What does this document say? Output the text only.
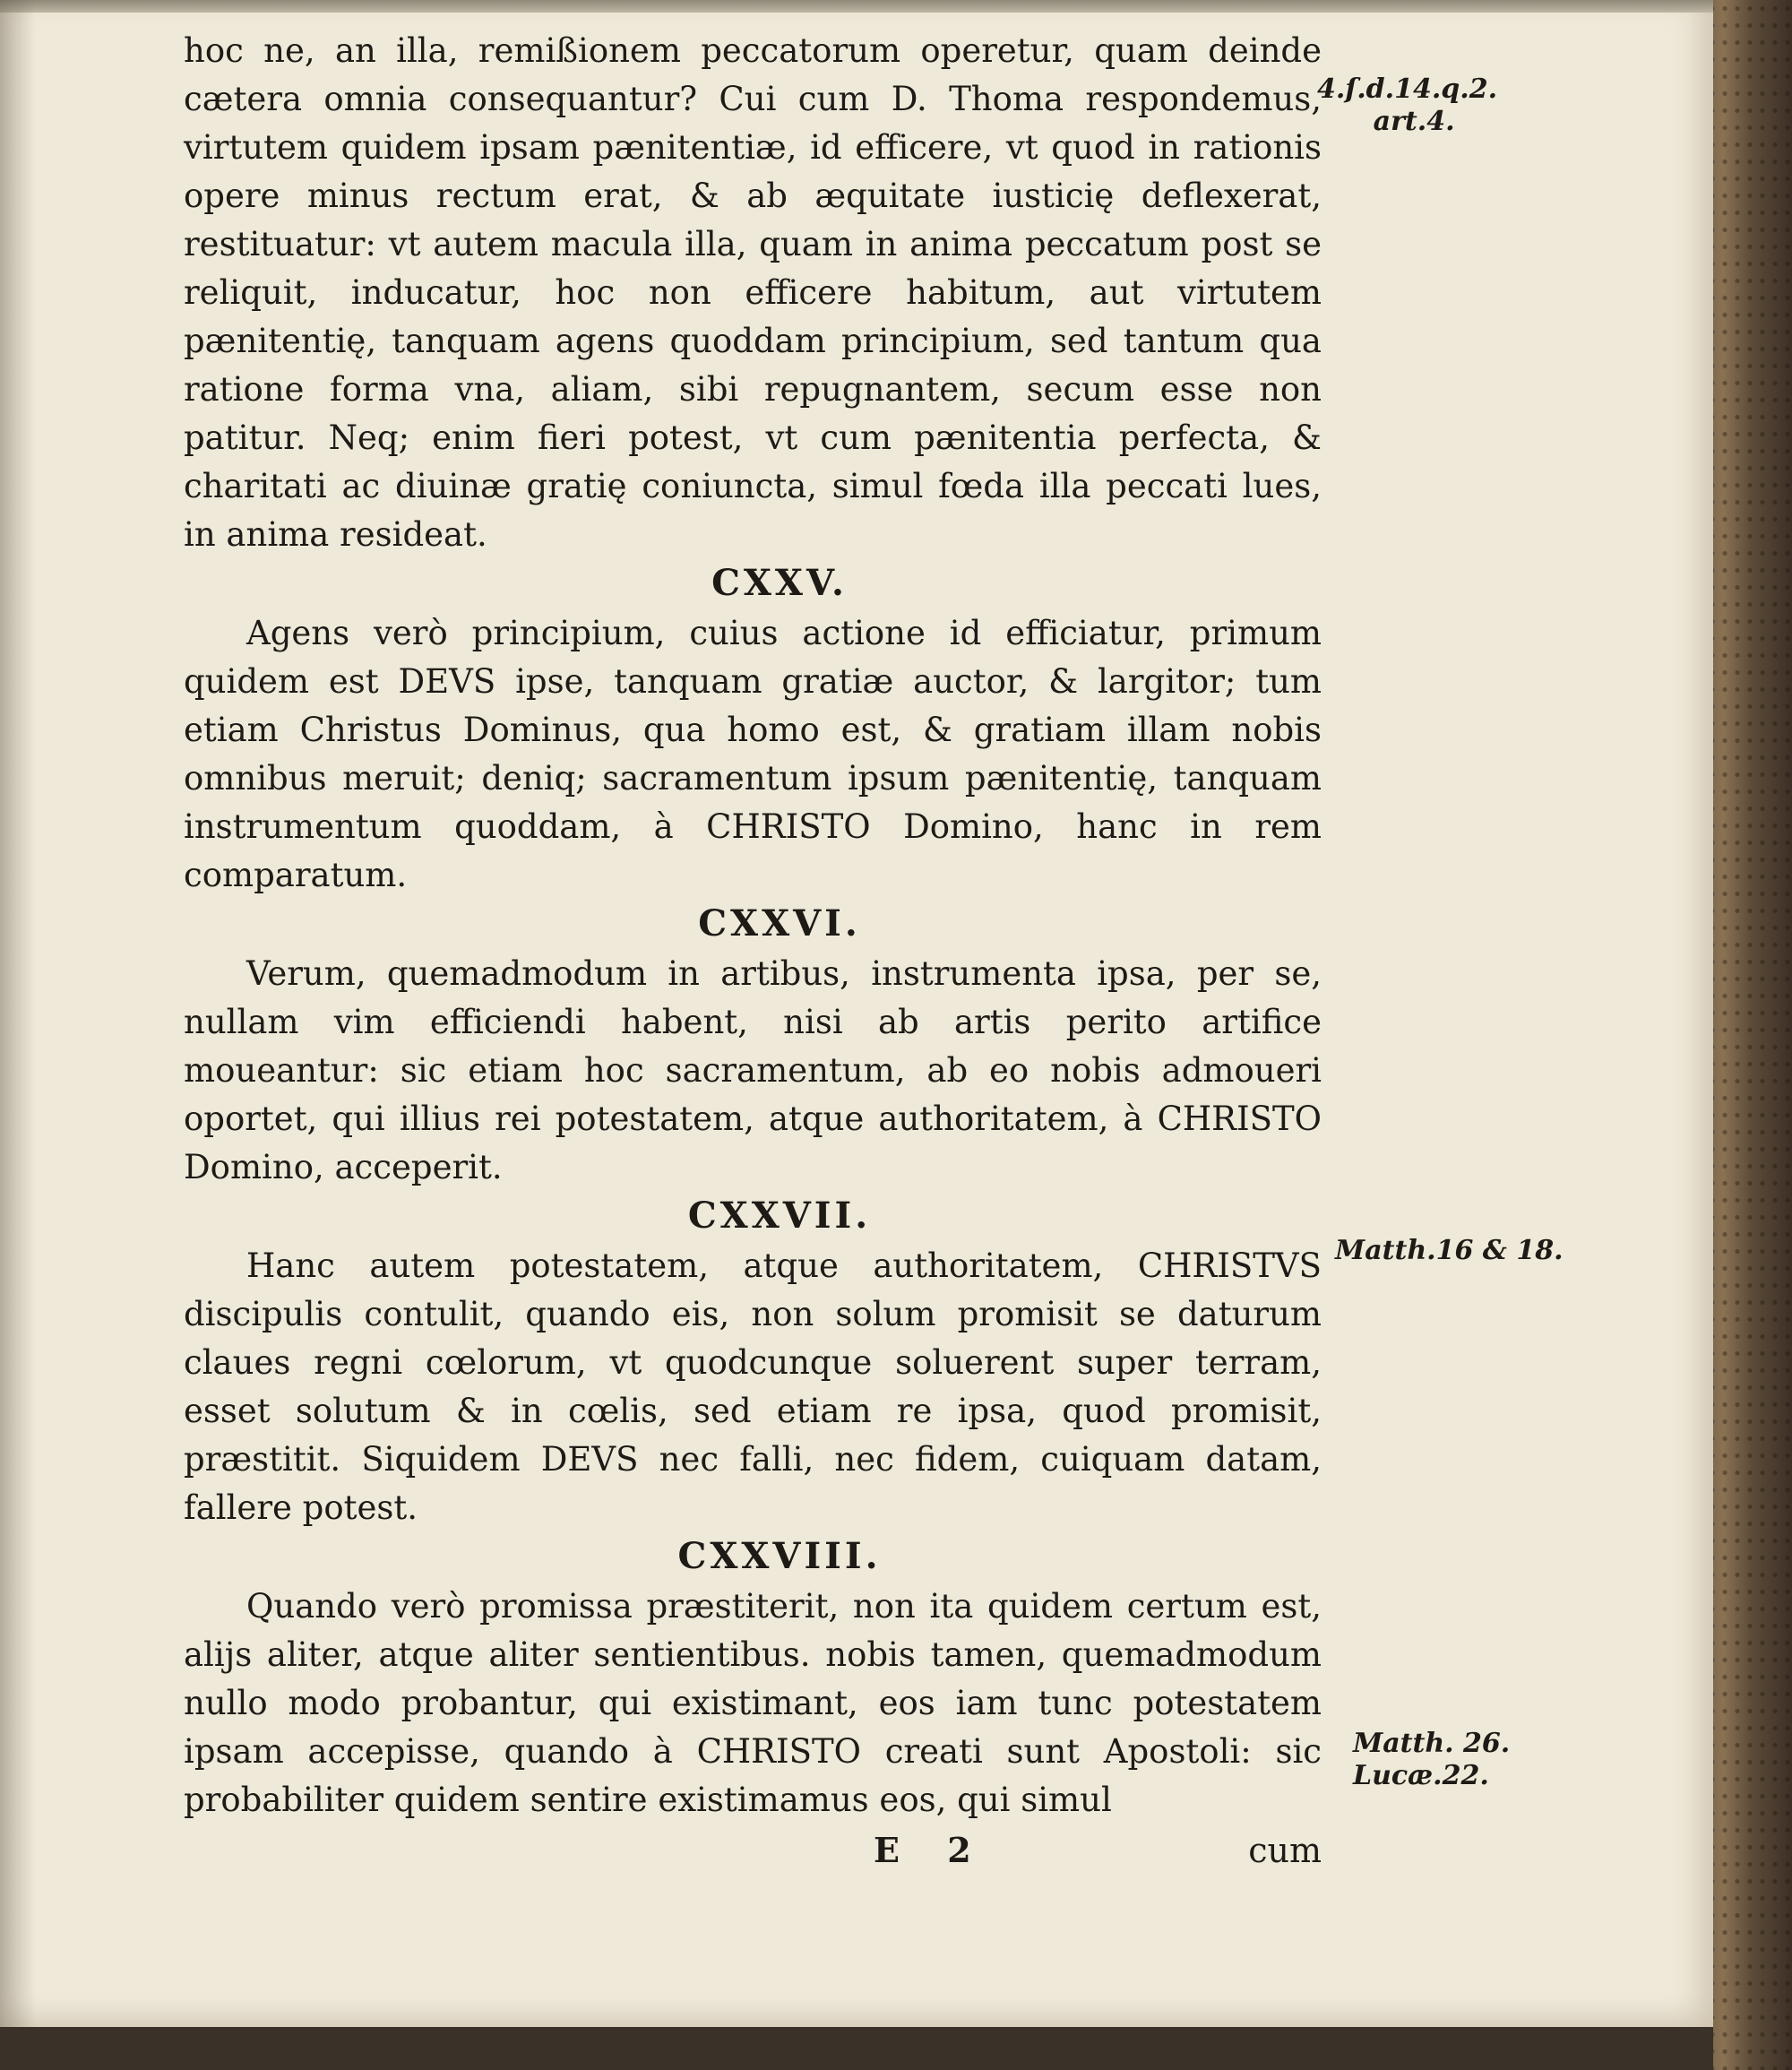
hoc ne, an illa, remißionem peccatorum operetur, quam deinde cætera omnia consequantur? Cui cum D. Thoma respondemus, virtutem quidem ipsam pænitentiæ, id efficere, vt quod in rationis opere minus rectum erat, & ab æquitate iusticię deflexerat, restituatur: vt autem macula illa, quam in anima peccatum post se reliquit, inducatur, hoc non efficere habitum, aut virtutem pænitentię, tanquam agens quoddam principium, sed tantum qua ratione forma vna, aliam, sibi repugnantem, secum esse non patitur. Neq; enim fieri potest, vt cum pænitentia perfecta, & charitati ac diuinæ gratię coniuncta, simul fœda illa peccati lues, in anima resideat.

CXXV.

Agens verò principium, cuius actione id efficiatur, primum quidem est DEVS ipse, tanquam gratiæ auctor, & largitor; tum etiam Christus Dominus, qua homo est, & gratiam illam nobis omnibus meruit; deniq; sacramentum ipsum pænitentię, tanquam instrumentum quoddam, à CHRISTO Domino, hanc in rem comparatum.

CXXVI.

Verum, quemadmodum in artibus, instrumenta ipsa, per se, nullam vim efficiendi habent, nisi ab artis perito artifice moueantur: sic etiam hoc sacramentum, ab eo nobis admoueri oportet, qui illius rei potestatem, atque authoritatem, à CHRISTO Domino, acceperit.

CXXVII.

Hanc autem potestatem, atque authoritatem, CHRISTVS discipulis contulit, quando eis, non solum promisit se daturum claues regni cœlorum, vt quodcunque soluerent super terram, esset solutum & in cœlis, sed etiam re ipsa, quod promisit, præstitit. Siquidem DEVS nec falli, nec fidem, cuiquam datam, fallere potest.

CXXVIII.

Quando verò promissa præstiterit, non ita quidem certum est, alijs aliter, atque aliter sentientibus. nobis tamen, quemadmodum nullo modo probantur, qui existimant, eos iam tunc potestatem ipsam accepisse, quando à CHRISTO creati sunt Apostoli: sic probabiliter quidem sentire existimamus eos, qui simul

E 2	cum
4.ſ.d.14.q.2.
art.4.
Matth.16 & 18.
Matth. 26.
Lucæ.22.
